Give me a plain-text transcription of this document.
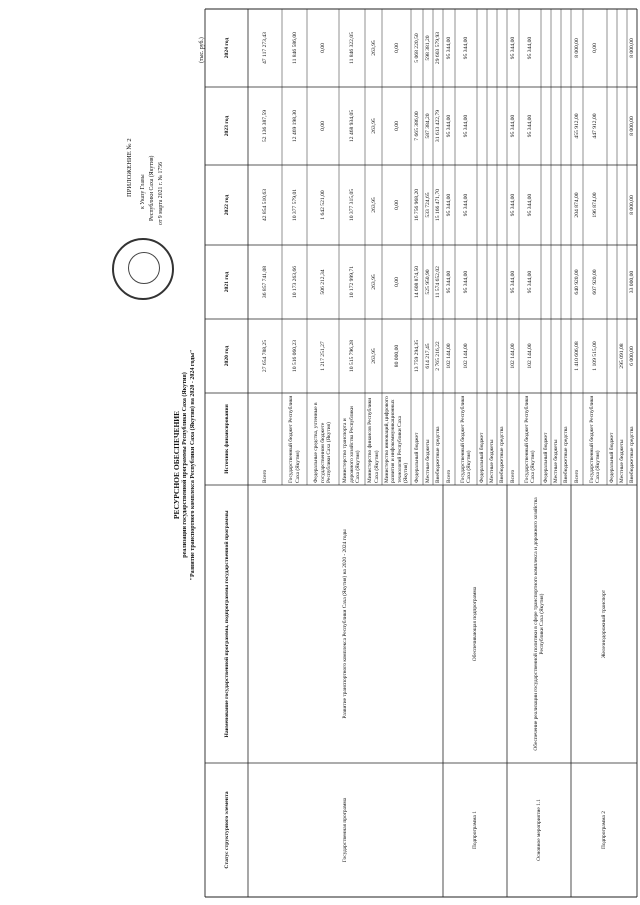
ПРИЛОЖЕНИЕ № 2 к Указу Главы Республики Саха (Якутия) от 9 марта 2021 г. № 1756
РЕСУРСНОЕ ОБЕСПЕЧЕНИЕ реализации государственной программы Республики Саха (Якутия) "Развитие транспортного комплекса Республики Саха (Якутия) на 2020 - 2024 годы"
(тыс. руб.)
Статус структурного элемента
Наименование государственной программы, подпрограммы государственной программы
Источник финансирования
2020 год
2021 год
2022 год
2023 год
2024 год
Государственная программа
Развитие транспортного комплекса Республики Саха (Якутия) на 2020 - 2024 годы
Подпрограмма 1
Обеспечивающая подпрограмма
Основное мероприятие 1.1
Обеспечение реализации государственной политики в сфере транспортного комплекса и дорожного хозяйства Республики Саха (Якутия)
Подпрограмма 2
Железнодорожный транспорт
Всего
27 654 788,25
36 857 741,08
42 854 510,63
52 136 387,59
47 117 273,43
Государственный бюджет Республики Саха (Якутия)
10 516 060,23
10 173 263,66
10 377 579,01
12 469 198,30
11 846 586,00
Федеральные средства, учтенные в государственном бюджете Республики Саха (Якутия)
1 217 251,27
506 212,34
1 642 521,00
0,00
0,00
Министерство транспорта и дорожного хозяйства Республики Саха (Якутия)
10 515 796,28
10 172 999,71
10 377 315,05
12 468 934,05
11 846 322,05
Министерство финансов Республики Саха (Якутия)
263,95
263,95
263,95
263,95
263,95
Министерство инноваций, цифрового развития и инфокоммуникационных технологий Республики Саха (Якутия)
80 000,00
0,00
0,00
0,00
0,00
Федеральный бюджет
13 759 294,35
14 608 874,50
16 756 968,20
7 665 386,00
5 068 220,50
Местные бюджеты
614 217,45
525 950,90
533 724,65
587 384,20
598 381,20
Внебюджетные средства
2 765 216,22
11 574 652,02
15 166 471,70
31 613 422,79
29 603 579,93
Всего
102 144,00
95 344,00
95 344,00
95 344,00
95 344,00
Государственный бюджет Республики Саха (Якутия)
102 144,00
95 344,00
95 344,00
95 344,00
95 344,00
Федеральный бюджет Местные бюджеты Внебюджетные средства Всего
102 144,00
95 344,00
95 344,00
95 344,00
95 344,00
Государственный бюджет Республики Саха (Якутия)
102 144,00
95 344,00
95 344,00
95 344,00
95 344,00
Федеральный бюджет Местные бюджеты Внебюджетные средства Всего
1 410 606,08
640 920,00
204 874,00
455 912,00
8 000,00
Государственный бюджет Республики Саха (Якутия)
1 109 515,00
607 920,00
196 874,00
447 912,00
0,00
Федеральный бюджет Местные бюджеты
295 091,08
Внебюджетные средства
6 000,00
33 000,00
8 000,00
8 000,00
8 000,00
